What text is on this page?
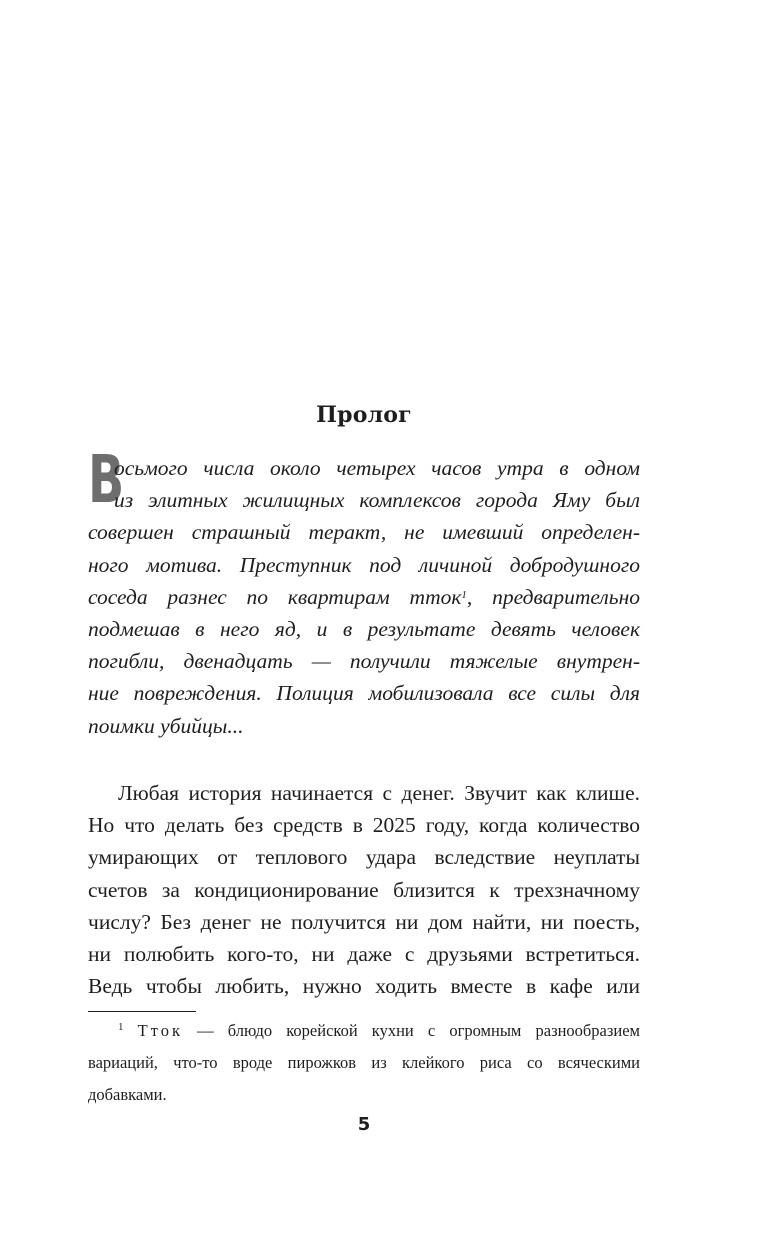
Пролог
В
осьмого числа около четырех часов утра в одном
из элитных жилищных комплексов города Яму был
совершен страшный теракт, не имевший определен-
ного мотива. Преступник под личиной добродушного
соседа разнес по квартирам тток$^1$, предварительно
подмешав в него яд, и в результате девять человек
погибли, двенадцать — получили тяжелые внутрен-
ние повреждения. Полиция мобилизовала все силы для
поимки убийцы...
Любая история начинается с денег. Звучит как клише.
Но что делать без средств в 2025 году, когда количество
умирающих от теплового удара вследствие неуплаты
счетов за кондиционирование близится к трехзначному
числу? Без денег не получится ни дом найти, ни поесть,
ни полюбить кого-то, ни даже с друзьями встретиться.
Ведь чтобы любить, нужно ходить вместе в кафе или
$^1$ Тток — блюдо корейской кухни с огромным разнообразием
вариаций, что-то вроде пирожков из клейкого риса со всяческими
добавками.
5
